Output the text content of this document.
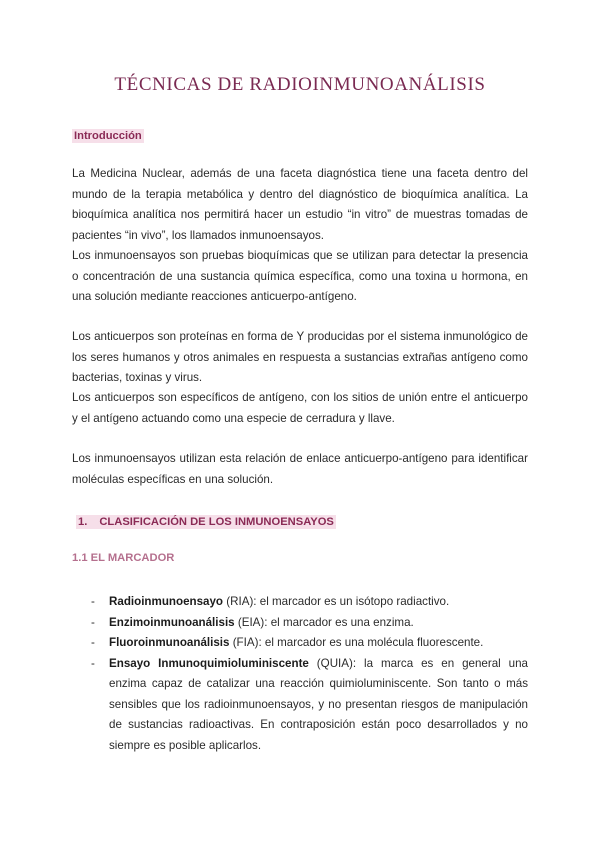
TÉCNICAS DE RADIOINMUNOANÁLISIS
Introducción

La Medicina Nuclear, además de una faceta diagnóstica tiene una faceta dentro del mundo de la terapia metabólica y dentro del diagnóstico de bioquímica analítica. La bioquímica analítica nos permitirá hacer un estudio “in vitro” de muestras tomadas de pacientes “in vivo”, los llamados inmunoensayos.

Los inmunoensayos son pruebas bioquímicas que se utilizan para detectar la presencia o concentración de una sustancia química específica, como una toxina u hormona, en una solución mediante reacciones anticuerpo-antígeno.

Los anticuerpos son proteínas en forma de Y producidas por el sistema inmunológico de los seres humanos y otros animales en respuesta a sustancias extrañas antígeno como bacterias, toxinas y virus.

Los anticuerpos son específicos de antígeno, con los sitios de unión entre el anticuerpo y el antígeno actuando como una especie de cerradura y llave.

Los inmunoensayos utilizan esta relación de enlace anticuerpo-antígeno para identificar moléculas específicas en una solución.

1. CLASIFICACIÓN DE LOS INMUNOENSAYOS
1.1 EL MARCADOR
- Radioinmunoensayo (RIA): el marcador es un isótopo radiactivo.
- Enzimoinmunoanálisis (EIA): el marcador es una enzima.
- Fluoroinmunoanálisis (FIA): el marcador es una molécula fluorescente.
- Ensayo Inmunoquimioluminiscente (QUIA): la marca es en general una enzima capaz de catalizar una reacción quimioluminiscente. Son tanto o más sensibles que los radioinmunoensayos, y no presentan riesgos de manipulación de sustancias radioactivas. En contraposición están poco desarrollados y no siempre es posible aplicarlos.
